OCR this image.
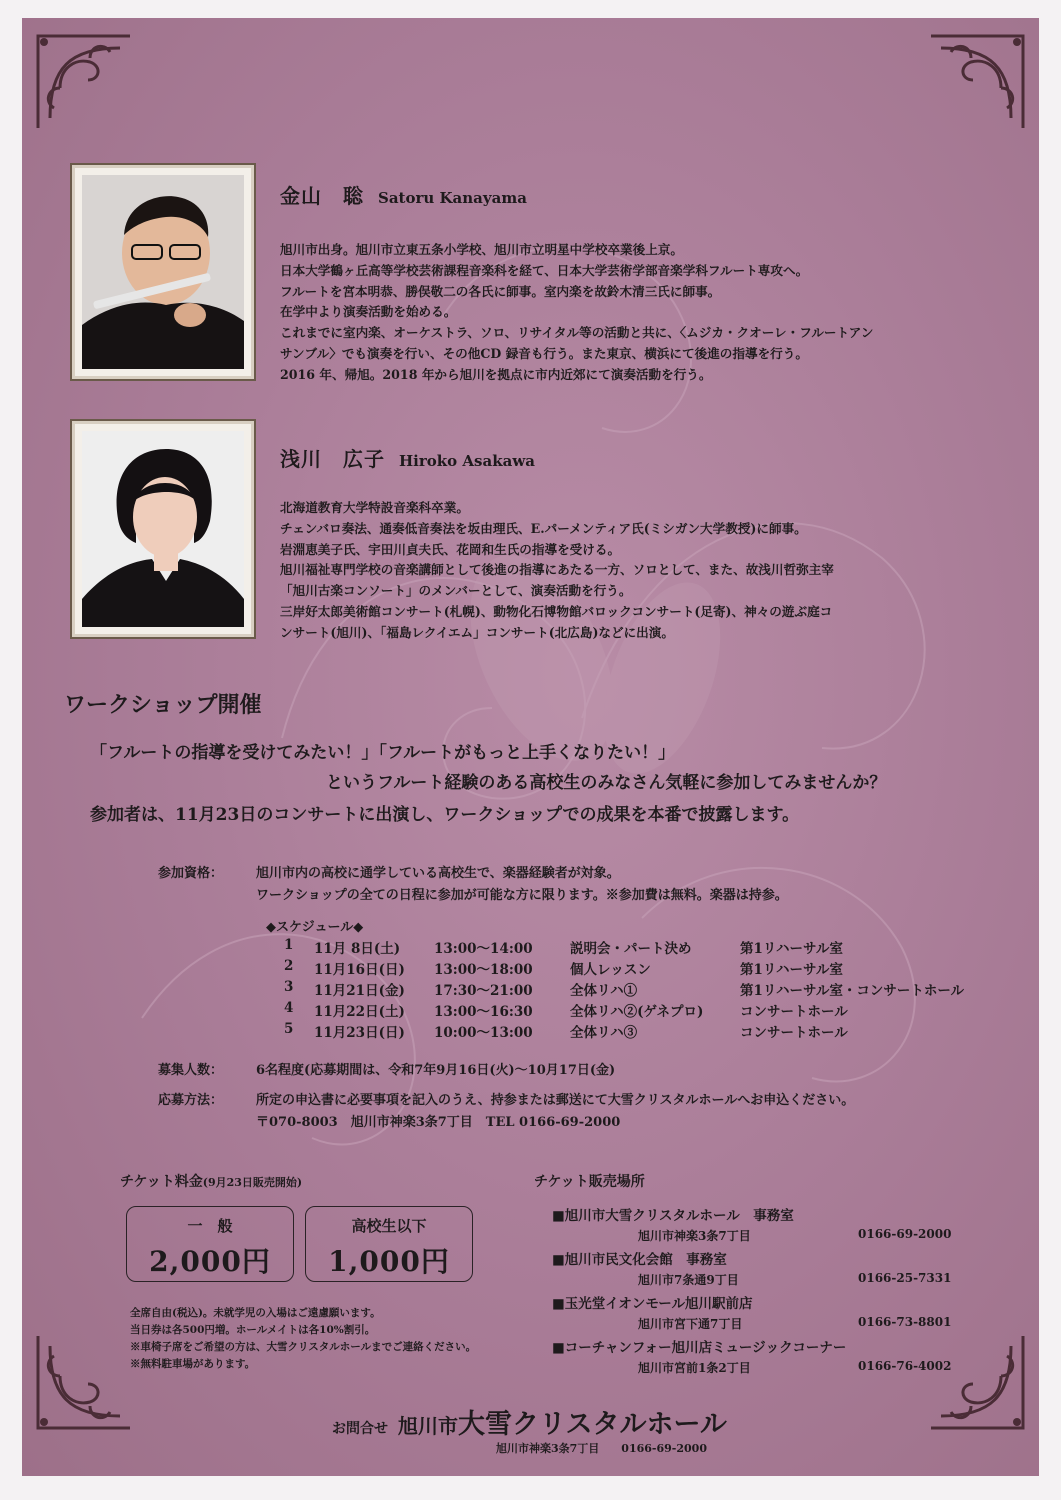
金山　聡 Satoru Kanayama
旭川市出身。旭川市立東五条小学校、旭川市立明星中学校卒業後上京。
日本大学鶴ヶ丘高等学校芸術課程音楽科を経て、日本大学芸術学部音楽学科フルート専攻へ。
フルートを宮本明恭、勝俣敬二の各氏に師事。室内楽を故鈴木清三氏に師事。
在学中より演奏活動を始める。
これまでに室内楽、オーケストラ、ソロ、リサイタル等の活動と共に、〈ムジカ・クオーレ・フルートアン
サンブル〉でも演奏を行い、その他CD 録音も行う。また東京、横浜にて後進の指導を行う。
2016 年、帰旭。2018 年から旭川を拠点に市内近郊にて演奏活動を行う。
浅川　広子 Hiroko Asakawa
北海道教育大学特設音楽科卒業。
チェンバロ奏法、通奏低音奏法を坂由理氏、E.パーメンティア氏(ミシガン大学教授)に師事。
岩淵恵美子氏、宇田川貞夫氏、花岡和生氏の指導を受ける。
旭川福祉専門学校の音楽講師として後進の指導にあたる一方、ソロとして、また、故浅川哲弥主宰
「旭川古楽コンソート」のメンバーとして、演奏活動を行う。
三岸好太郎美術館コンサート(札幌)、動物化石博物館バロックコンサート(足寄)、神々の遊ぶ庭コ
ンサート(旭川)、「福島レクイエム」コンサート(北広島)などに出演。
ワークショップ開催
「フルートの指導を受けてみたい！」「フルートがもっと上手くなりたい！」
というフルート経験のある高校生のみなさん気軽に参加してみませんか？
参加者は、11月23日のコンサートに出演し、ワークショップでの成果を本番で披露します。
参加資格：	旭川市内の高校に通学している高校生で、楽器経験者が対象。
ワークショップの全ての日程に参加が可能な方に限ります。※参加費は無料。楽器は持参。
◆スケジュール◆
1 11月 8日(土)	13:00～14:00	説明会・パート決め	第1リハーサル室
2 11月16日(日) 13:00～18:00	個人レッスン	第1リハーサル室
3 11月21日(金) 17:30～21:00	全体リハ①	第1リハーサル室・コンサートホール
4 11月22日(土) 13:00～16:30	全体リハ②(ゲネプロ)	コンサートホール
5 11月23日(日) 10:00～13:00	全体リハ③	コンサートホール
募集人数：	6名程度(応募期間は、令和7年9月16日(火)～10月17日(金)
応募方法：	所定の申込書に必要事項を記入のうえ、持参または郵送にて大雪クリスタルホールへお申込ください。
〒070-8003　旭川市神楽3条7丁目　TEL 0166-69-2000
チケット料金(9月23日販売開始)
一　般
2,000円
高校生以下
1,000円
全席自由(税込)。未就学児の入場はご遠慮願います。
当日券は各500円増。ホールメイトは各10%割引。
※車椅子席をご希望の方は、大雪クリスタルホールまでご連絡ください。
※無料駐車場があります。
チケット販売場所
■旭川市大雪クリスタルホール　事務室
旭川市神楽3条7丁目	0166-69-2000
■旭川市民文化会館　事務室
旭川市7条通9丁目	0166-25-7331
■玉光堂イオンモール旭川駅前店
旭川市宮下通7丁目	0166-73-8801
■コーチャンフォー旭川店ミュージックコーナー
旭川市宮前1条2丁目	0166-76-4002
お問合せ 旭川市大雪クリスタルホール
旭川市神楽3条7丁目　　0166-69-2000
